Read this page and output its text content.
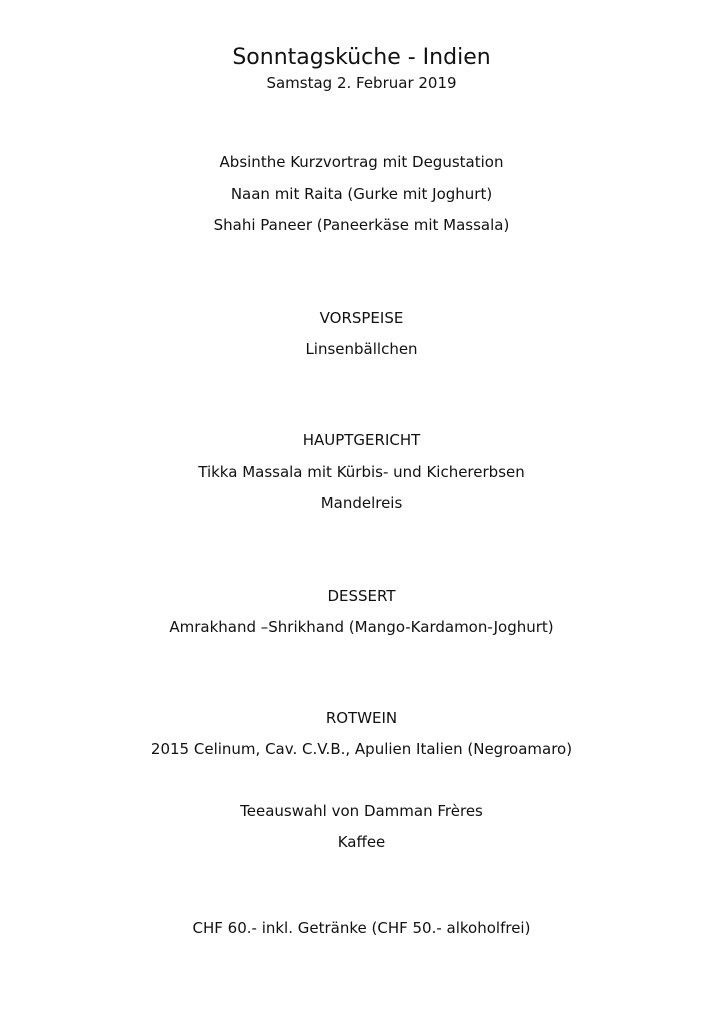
Sonntagsküche - Indien
Samstag 2. Februar 2019
Absinthe Kurzvortrag mit Degustation
Naan mit Raita (Gurke mit Joghurt)
Shahi Paneer (Paneerkäse mit Massala)
VORSPEISE
Linsenbällchen
HAUPTGERICHT
Tikka Massala mit Kürbis- und Kichererbsen
Mandelreis
DESSERT
Amrakhand –Shrikhand (Mango-Kardamon-Joghurt)
ROTWEIN
2015 Celinum, Cav. C.V.B., Apulien Italien (Negroamaro)
Teeauswahl von Damman Frères
Kaffee
CHF 60.- inkl. Getränke (CHF 50.- alkoholfrei)
